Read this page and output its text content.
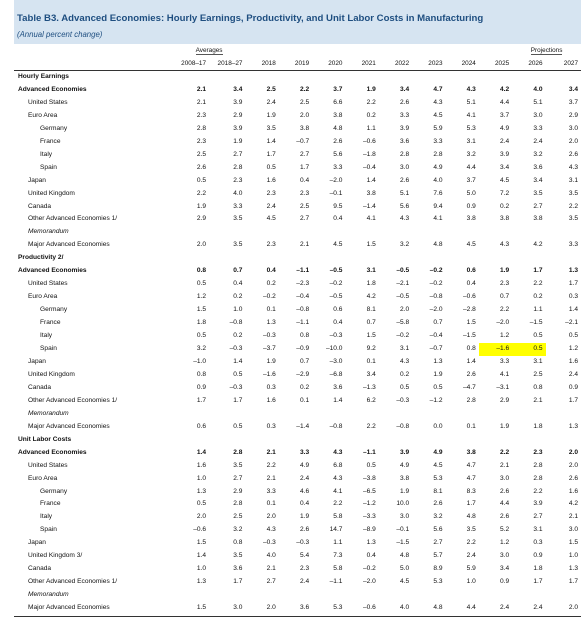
Table B3. Advanced Economies: Hourly Earnings, Productivity, and Unit Labor Costs in Manufacturing
(Annual percent change)
	Averages										Projections	
	2008–17	2018–27	2018	2019	2020	2021	2022	2023	2024	2025	2026	2027
Hourly Earnings												
Advanced Economies	2.1	3.4	2.5	2.2	3.7	1.9	3.4	4.7	4.3	4.2	4.0	3.4
United States	2.1	3.9	2.4	2.5	6.6	2.2	2.6	4.3	5.1	4.4	5.1	3.7
Euro Area	2.3	2.9	1.9	2.0	3.8	0.2	3.3	4.5	4.1	3.7	3.0	2.9
Germany	2.8	3.9	3.5	3.8	4.8	1.1	3.9	5.9	5.3	4.9	3.3	3.0
France	2.3	1.9	1.4	–0.7	2.6	–0.6	3.6	3.3	3.1	2.4	2.4	2.0
Italy	2.5	2.7	1.7	2.7	5.6	–1.8	2.8	2.8	3.2	3.9	3.2	2.6
Spain	2.6	2.8	0.5	1.7	3.3	–0.4	3.0	4.9	4.4	3.4	3.6	4.3
Japan	0.5	2.3	1.6	0.4	–2.0	1.4	2.6	4.0	3.7	4.5	3.4	3.1
United Kingdom	2.2	4.0	2.3	2.3	–0.1	3.8	5.1	7.6	5.0	7.2	3.5	3.5
Canada	1.9	3.3	2.4	2.5	9.5	–1.4	5.6	9.4	0.9	0.2	2.7	2.2
Other Advanced Economies 1/	2.9	3.5	4.5	2.7	0.4	4.1	4.3	4.1	3.8	3.8	3.8	3.5
Memorandum												
Major Advanced Economies	2.0	3.5	2.3	2.1	4.5	1.5	3.2	4.8	4.5	4.3	4.2	3.3
Productivity 2/												
Advanced Economies	0.8	0.7	0.4	–1.1	–0.5	3.1	–0.5	–0.2	0.6	1.9	1.7	1.3
United States	0.5	0.4	0.2	–2.3	–0.2	1.8	–2.1	–0.2	0.4	2.3	2.2	1.7
Euro Area	1.2	0.2	–0.2	–0.4	–0.5	4.2	–0.5	–0.8	–0.6	0.7	0.2	0.3
Germany	1.5	1.0	0.1	–0.8	0.6	8.1	2.0	–2.0	–2.8	2.2	1.1	1.4
France	1.8	–0.8	1.3	–1.1	0.4	0.7	–5.8	0.7	1.5	–2.0	–1.5	–2.1
Italy	0.5	0.2	–0.3	0.8	–0.3	1.5	–0.2	–0.4	–1.5	1.2	0.5	0.5
Spain	3.2	–0.3	–3.7	–0.9	–10.0	9.2	3.1	–0.7	0.8	–1.6	0.5	1.2
Japan	–1.0	1.4	1.9	0.7	–3.0	0.1	4.3	1.3	1.4	3.3	3.1	1.6
United Kingdom	0.8	0.5	–1.6	–2.9	–6.8	3.4	0.2	1.9	2.6	4.1	2.5	2.4
Canada	0.9	–0.3	0.3	0.2	3.6	–1.3	0.5	0.5	–4.7	–3.1	0.8	0.9
Other Advanced Economies 1/	1.7	1.7	1.6	0.1	1.4	6.2	–0.3	–1.2	2.8	2.9	2.1	1.7
Memorandum												
Major Advanced Economies	0.6	0.5	0.3	–1.4	–0.8	2.2	–0.8	0.0	0.1	1.9	1.8	1.3
Unit Labor Costs												
Advanced Economies	1.4	2.8	2.1	3.3	4.3	–1.1	3.9	4.9	3.8	2.2	2.3	2.0
United States	1.6	3.5	2.2	4.9	6.8	0.5	4.9	4.5	4.7	2.1	2.8	2.0
Euro Area	1.0	2.7	2.1	2.4	4.3	–3.8	3.8	5.3	4.7	3.0	2.8	2.6
Germany	1.3	2.9	3.3	4.6	4.1	–6.5	1.9	8.1	8.3	2.6	2.2	1.6
France	0.5	2.8	0.1	0.4	2.2	–1.2	10.0	2.6	1.7	4.4	3.9	4.2
Italy	2.0	2.5	2.0	1.9	5.8	–3.3	3.0	3.2	4.8	2.6	2.7	2.1
Spain	–0.6	3.2	4.3	2.6	14.7	–8.9	–0.1	5.6	3.5	5.2	3.1	3.0
Japan	1.5	0.8	–0.3	–0.3	1.1	1.3	–1.5	2.7	2.2	1.2	0.3	1.5
United Kingdom 3/	1.4	3.5	4.0	5.4	7.3	0.4	4.8	5.7	2.4	3.0	0.9	1.0
Canada	1.0	3.6	2.1	2.3	5.8	–0.2	5.0	8.9	5.9	3.4	1.8	1.3
Other Advanced Economies 1/	1.3	1.7	2.7	2.4	–1.1	–2.0	4.5	5.3	1.0	0.9	1.7	1.7
Memorandum												
Major Advanced Economies	1.5	3.0	2.0	3.6	5.3	–0.6	4.0	4.8	4.4	2.4	2.4	2.0
